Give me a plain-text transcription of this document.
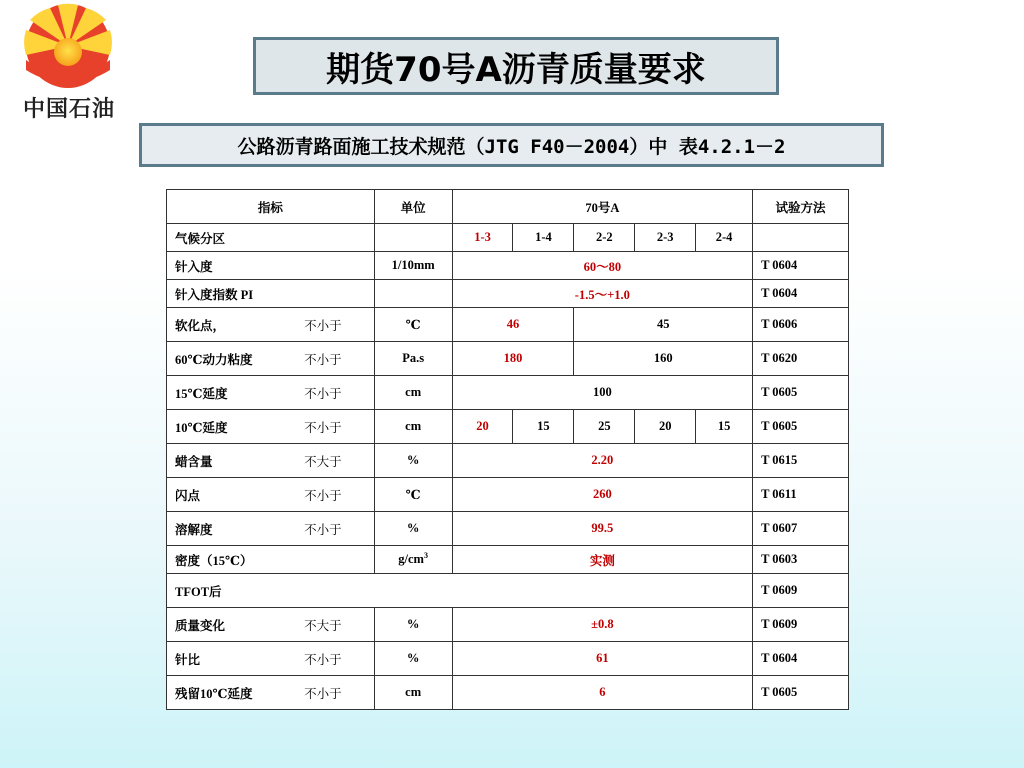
中国石油
期货70号A沥青质量要求
公路沥青路面施工技术规范（JTG F40－2004）中 表4.2.1－2
指标	单位	70号A					试验方法
气候分区		1-3	1-4	2-2	2-3	2-4	
针入度	1/10mm	60～80					T 0604
针入度指数 PI		-1.5～+1.0					T 0604

软化点， 不小于	℃	46		45			T 0606

60℃动力粘度 不小于	Pa.s	180		160			T 0620

15℃延度 不小于	cm	100					T 0605

10℃延度 不小于	cm	20	15	25	20	15	T 0605

蜡含量 不大于	%	2.20					T 0615

闪点 不小于	℃	260					T 0611

溶解度 不小于	%	99.5					T 0607
密度（15℃）	$g/cm^3$	实测					T 0603
TFOT后							T 0609

质量变化 不大于	%	±0.8					T 0609

针比 不小于	%	61					T 0604

残留10℃延度 不小于	cm	6					T 0605
